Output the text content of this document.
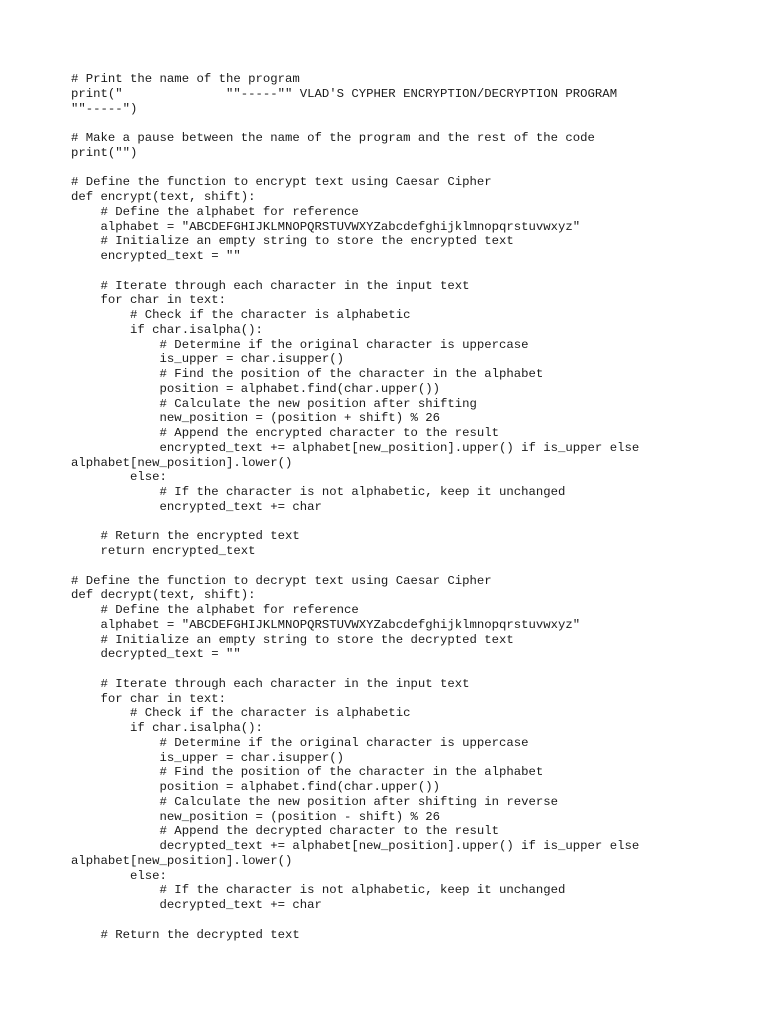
# Print the name of the program
print("              ""-----"" VLAD'S CYPHER ENCRYPTION/DECRYPTION PROGRAM
""-----")
# Make a pause between the name of the program and the rest of the code
print("")
# Define the function to encrypt text using Caesar Cipher
def encrypt(text, shift):
# Define the alphabet for reference
alphabet = "ABCDEFGHIJKLMNOPQRSTUVWXYZabcdefghijklmnopqrstuvwxyz"
# Initialize an empty string to store the encrypted text
encrypted_text = ""
# Iterate through each character in the input text
for char in text:
# Check if the character is alphabetic
if char.isalpha():
# Determine if the original character is uppercase
is_upper = char.isupper()
# Find the position of the character in the alphabet
position = alphabet.find(char.upper())
# Calculate the new position after shifting
new_position = (position + shift) % 26
# Append the encrypted character to the result
encrypted_text += alphabet[new_position].upper() if is_upper else
alphabet[new_position].lower()
else:
# If the character is not alphabetic, keep it unchanged
encrypted_text += char
# Return the encrypted text
return encrypted_text
# Define the function to decrypt text using Caesar Cipher
def decrypt(text, shift):
# Define the alphabet for reference
alphabet = "ABCDEFGHIJKLMNOPQRSTUVWXYZabcdefghijklmnopqrstuvwxyz"
# Initialize an empty string to store the decrypted text
decrypted_text = ""
# Iterate through each character in the input text
for char in text:
# Check if the character is alphabetic
if char.isalpha():
# Determine if the original character is uppercase
is_upper = char.isupper()
# Find the position of the character in the alphabet
position = alphabet.find(char.upper())
# Calculate the new position after shifting in reverse
new_position = (position - shift) % 26
# Append the decrypted character to the result
decrypted_text += alphabet[new_position].upper() if is_upper else
alphabet[new_position].lower()
else:
# If the character is not alphabetic, keep it unchanged
decrypted_text += char
# Return the decrypted text
